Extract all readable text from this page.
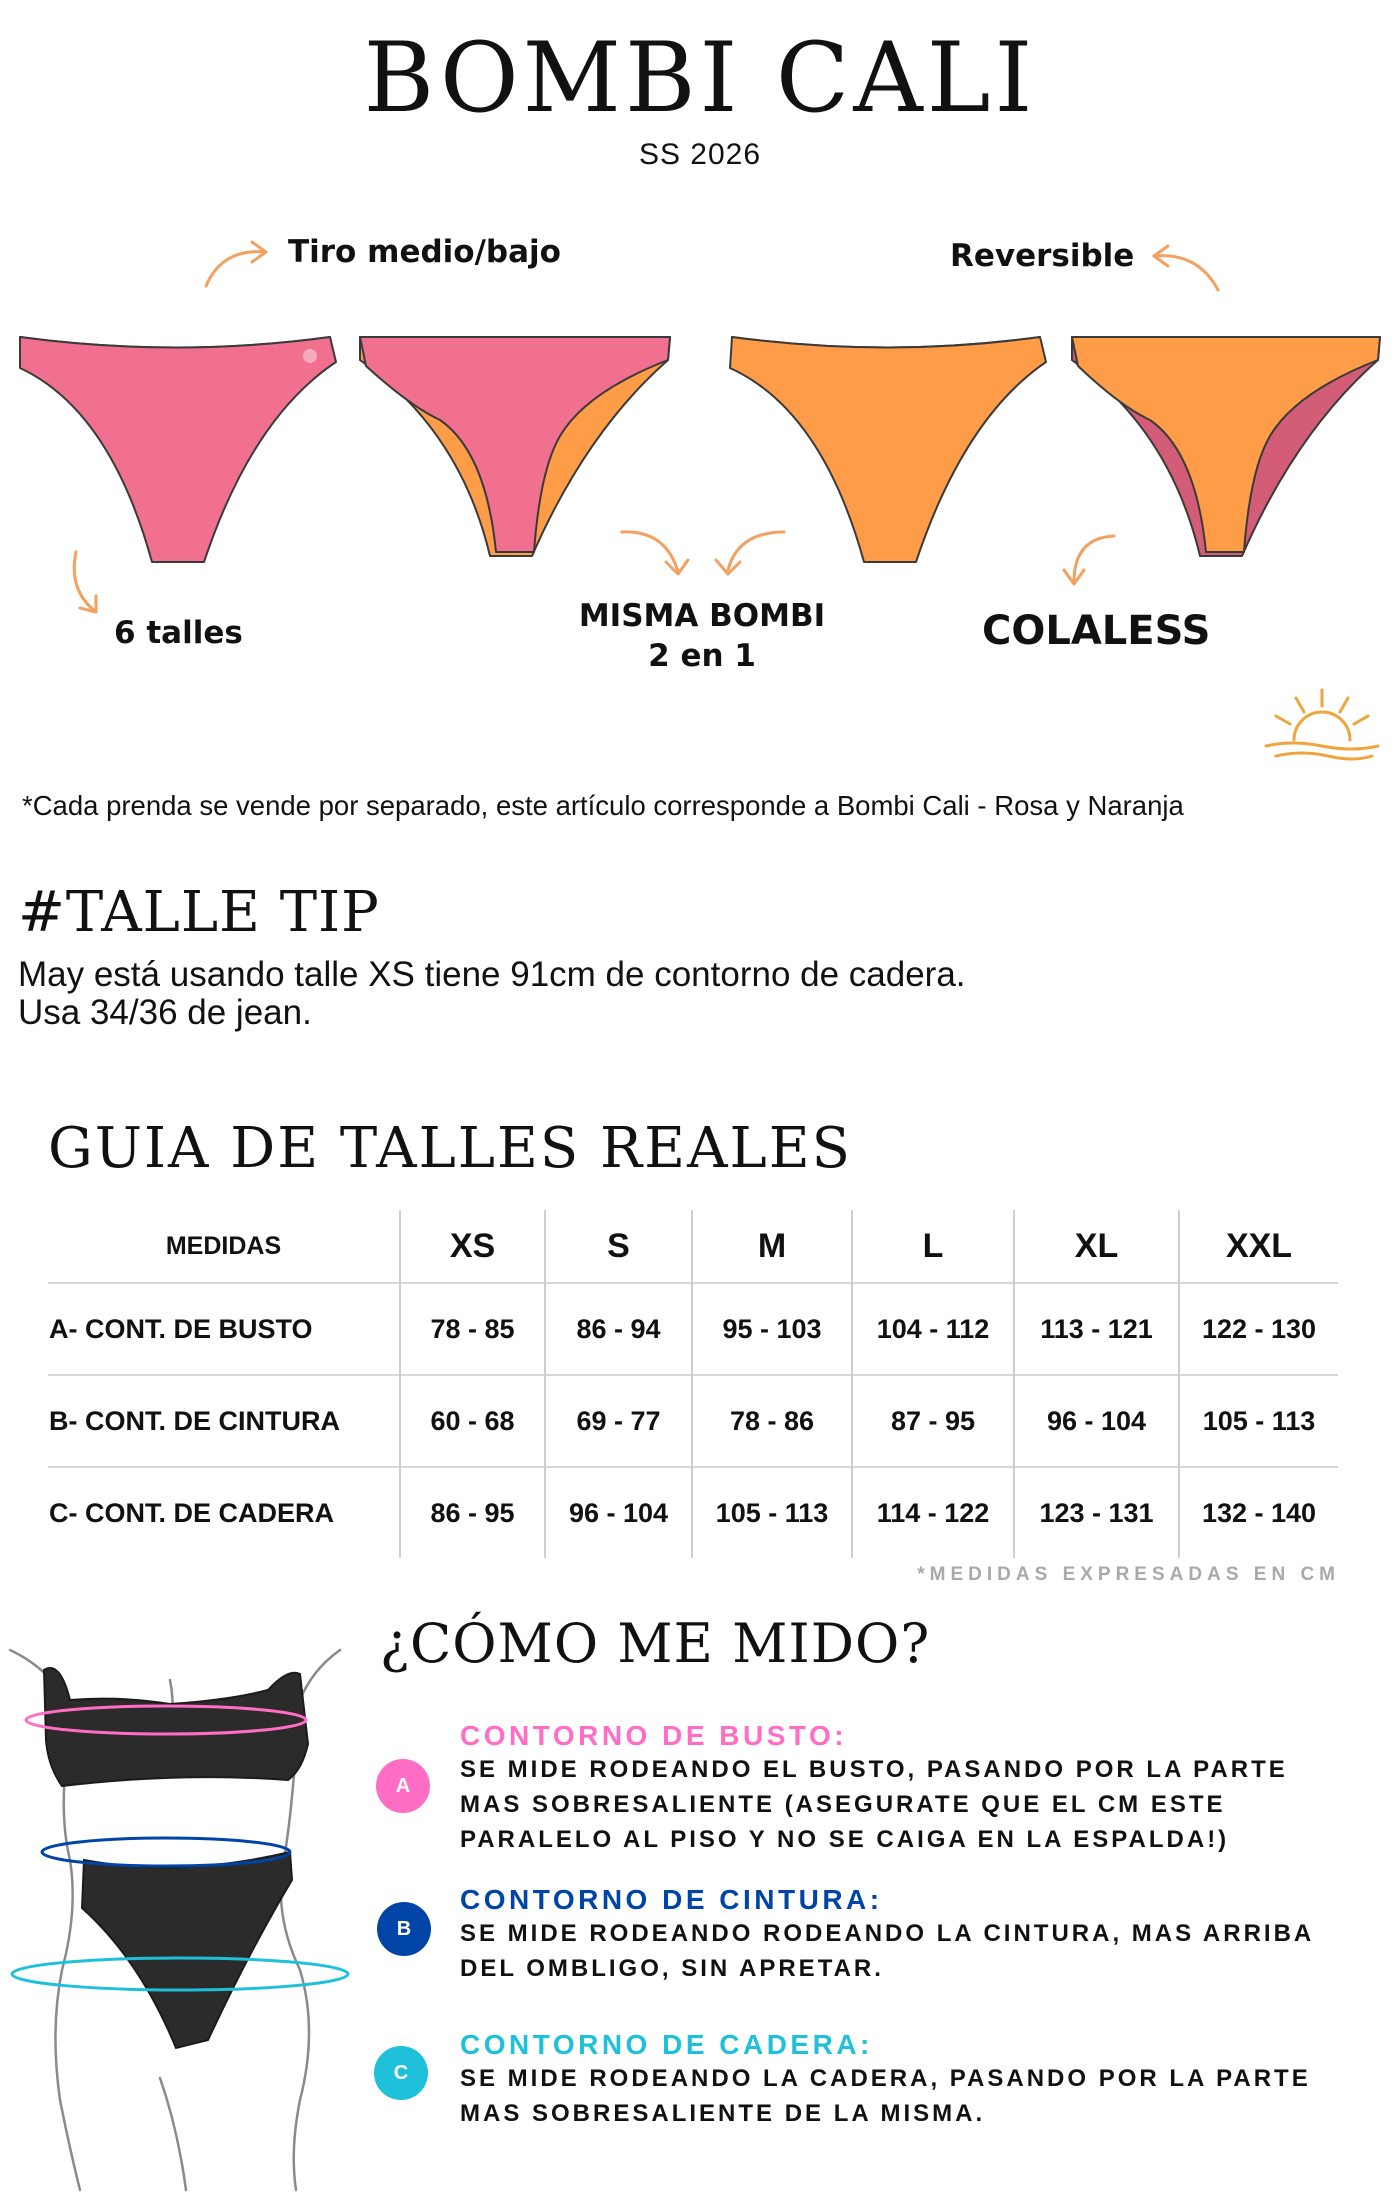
BOMBI CALI
SS 2026
Tiro medio/bajo	Reversible
6 talles	MISMA BOMBI
2 en 1
COLALESS
*Cada prenda se vende por separado, este artículo corresponde a Bombi Cali - Rosa y Naranja
#TALLE TIP
May está usando talle XS tiene 91cm de contorno de cadera.
Usa 34/36 de jean.
GUIA DE TALLES REALES
MEDIDAS	XS	S	M	L	XL	XXL
A- CONT. DE BUSTO	78 - 85	86 - 94	95 - 103	104 - 112	113 - 121	122 - 130
B- CONT. DE CINTURA	60 - 68	69 - 77	78 - 86	87 - 95	96 - 104	105 - 113
C- CONT. DE CADERA	86 - 95	96 - 104	105 - 113	114 - 122	123 - 131	132 - 140
*MEDIDAS EXPRESADAS EN CM
¿CÓMO ME MIDO?
A
CONTORNO DE BUSTO:
SE MIDE RODEANDO EL BUSTO, PASANDO POR LA PARTE
MAS SOBRESALIENTE (ASEGURATE QUE EL CM ESTE
PARALELO AL PISO Y NO SE CAIGA EN LA ESPALDA!)
B
CONTORNO DE CINTURA:
SE MIDE RODEANDO RODEANDO LA CINTURA, MAS ARRIBA
DEL OMBLIGO, SIN APRETAR.
C
CONTORNO DE CADERA:
SE MIDE RODEANDO LA CADERA, PASANDO POR LA PARTE
MAS SOBRESALIENTE DE LA MISMA.
